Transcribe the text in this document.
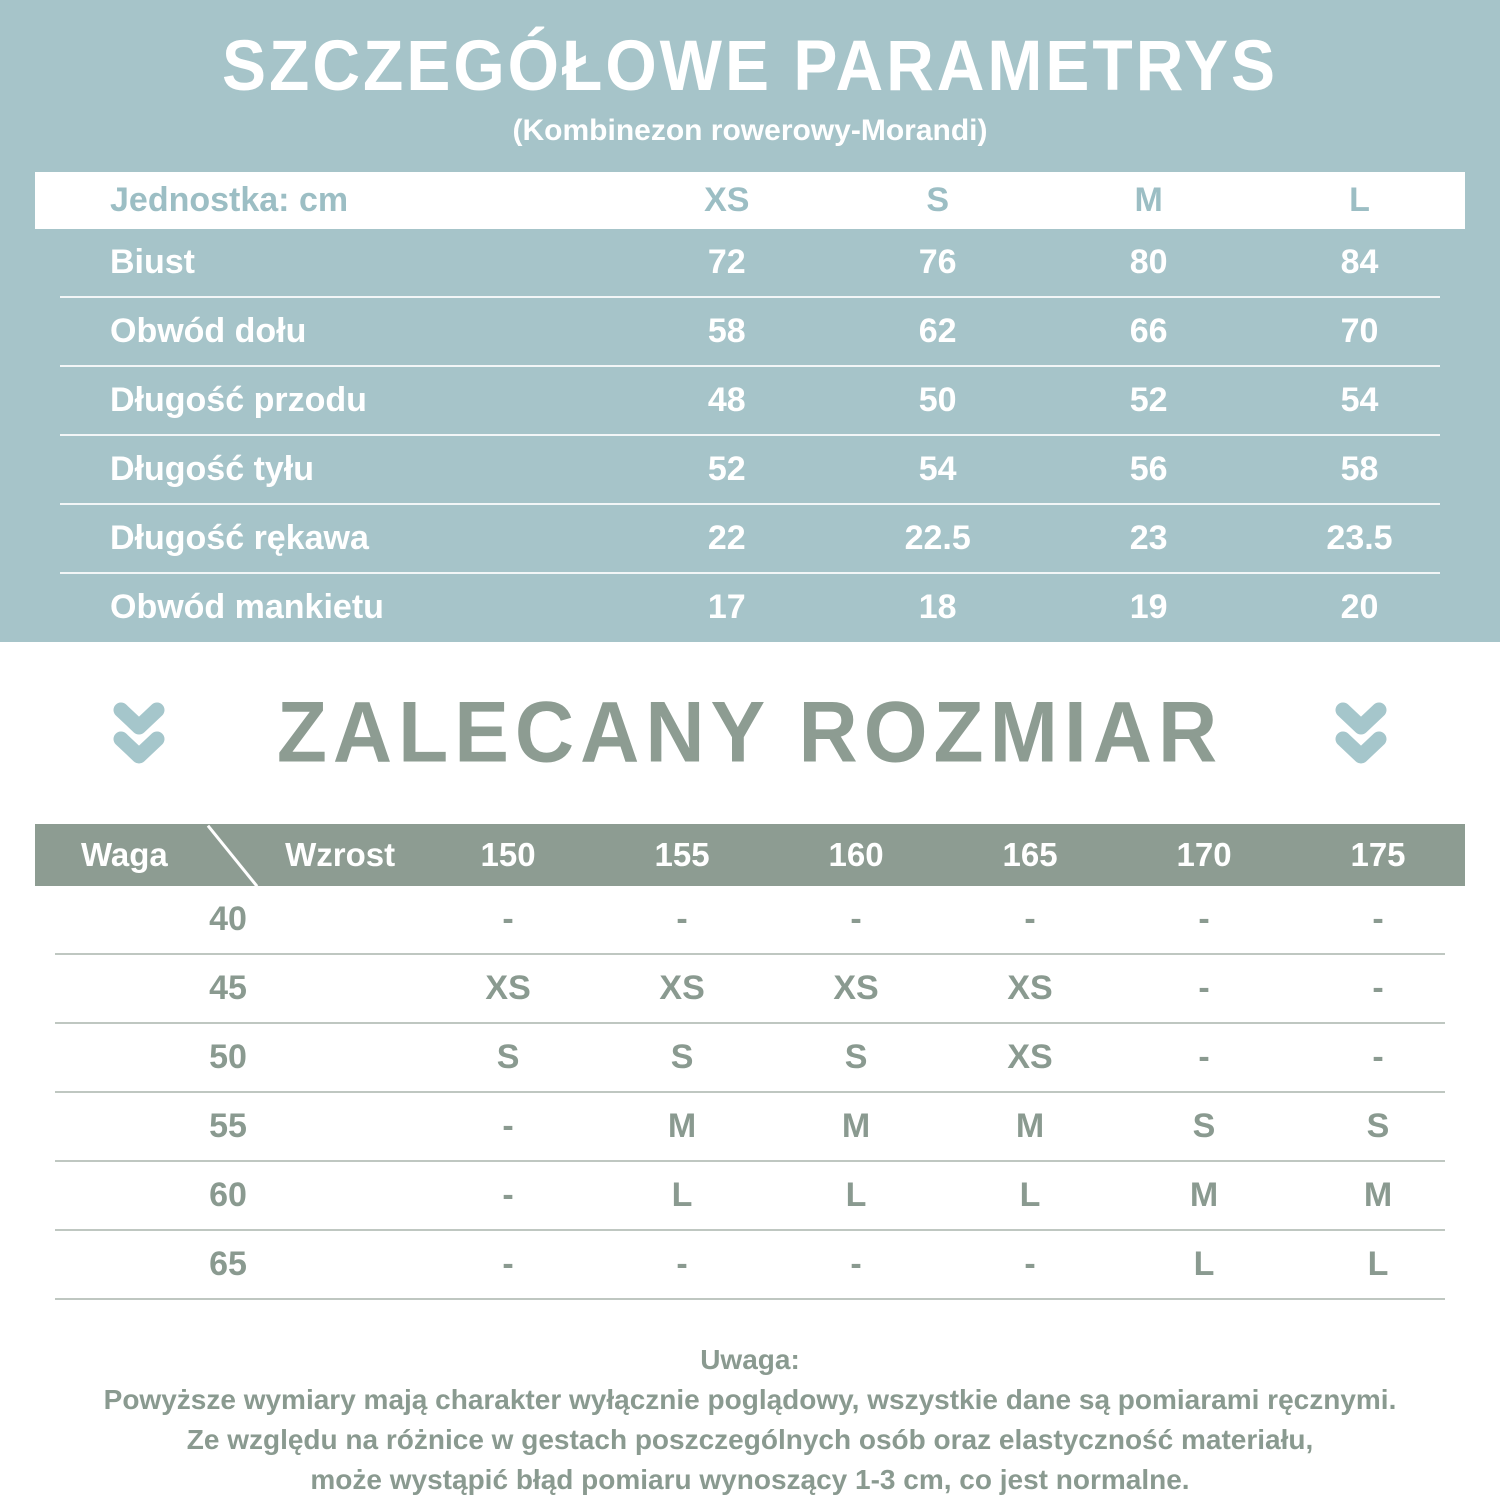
SZCZEGÓŁOWE PARAMETRYS
(Kombinezon rowerowy-Morandi)
Jednostka: cm	XS	S	M	L
Biust	72	76	80	84
Obwód dołu	58	62	66	70
Długość przodu	48	50	52	54
Długość tyłu	52	54	56	58
Długość rękawa	22	22.5	23	23.5
Obwód mankietu	17	18	19	20
ZALECANY ROZMIAR
Waga	Wzrost	150	155	160	165	170	175
40	-	-	-	-	-	-
45	XS	XS	XS	XS	-	-
50	S	S	S	XS	-	-
55	-	M	M	M	S	S
60	-	L	L	L	M	M
65	-	-	-	-	L	L
Uwaga:
Powyższe wymiary mają charakter wyłącznie poglądowy, wszystkie dane są pomiarami ręcznymi.
Ze względu na różnice w gestach poszczególnych osób oraz elastyczność materiału,
może wystąpić błąd pomiaru wynoszący 1-3 cm, co jest normalne.
